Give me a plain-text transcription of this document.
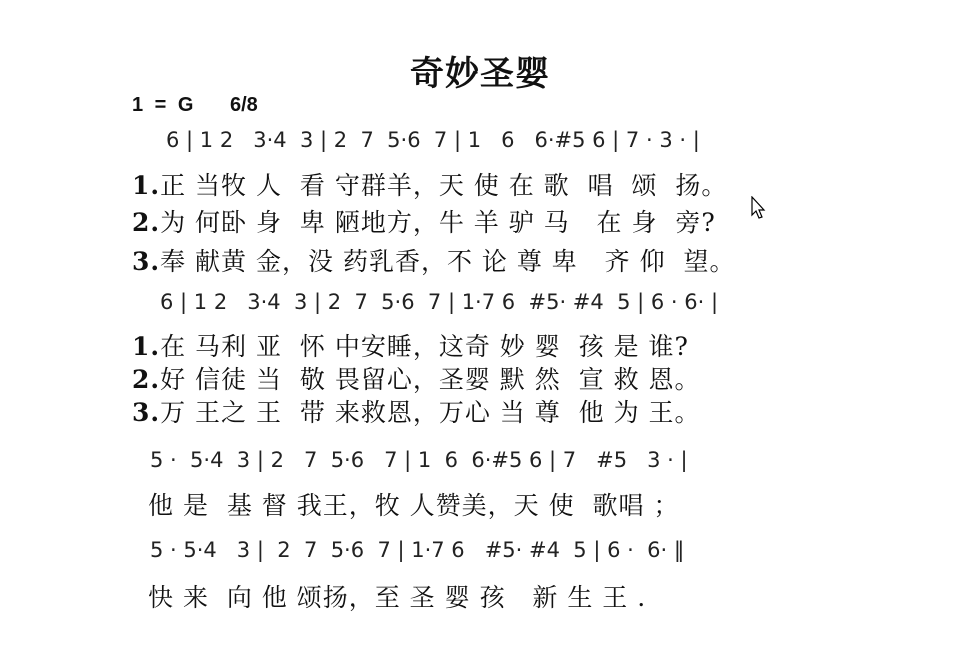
奇妙圣婴
1 = G 6/8
6 | 1 2   3·4  3 | 2  7  5·6  7 | 1   6   6·#5 6 | 7 · 3 · |
1.正 当牧 人  看 守群羊，天 使 在 歌  唱  颂  扬。
2.为 何卧 身  卑 陋地方，牛 羊 驴 马   在 身  旁?
3.奉 献黄 金，没 药乳香，不 论 尊 卑   齐 仰  望。
6 | 1 2   3·4  3 | 2  7  5·6  7 | 1·7 6  #5· #4  5 | 6 · 6· |
1.在 马利 亚  怀 中安睡，这奇 妙 婴  孩 是 谁?
2.好 信徒 当  敬 畏留心，圣婴 默 然  宣 救 恩。
3.万 王之 王  带 来救恩，万心 当 尊  他 为 王。
5 ·  5·4  3 | 2   7  5·6   7 | 1  6  6·#5 6 | 7   #5   3 · |
他 是  基 督 我王，牧 人赞美，天 使  歌唱 ；
5 · 5·4   3 |  2  7  5·6  7 | 1·7 6   #5· #4  5 | 6 ·  6· ‖
快 来  向 他 颂扬，至 圣 婴 孩   新 生 王 .
